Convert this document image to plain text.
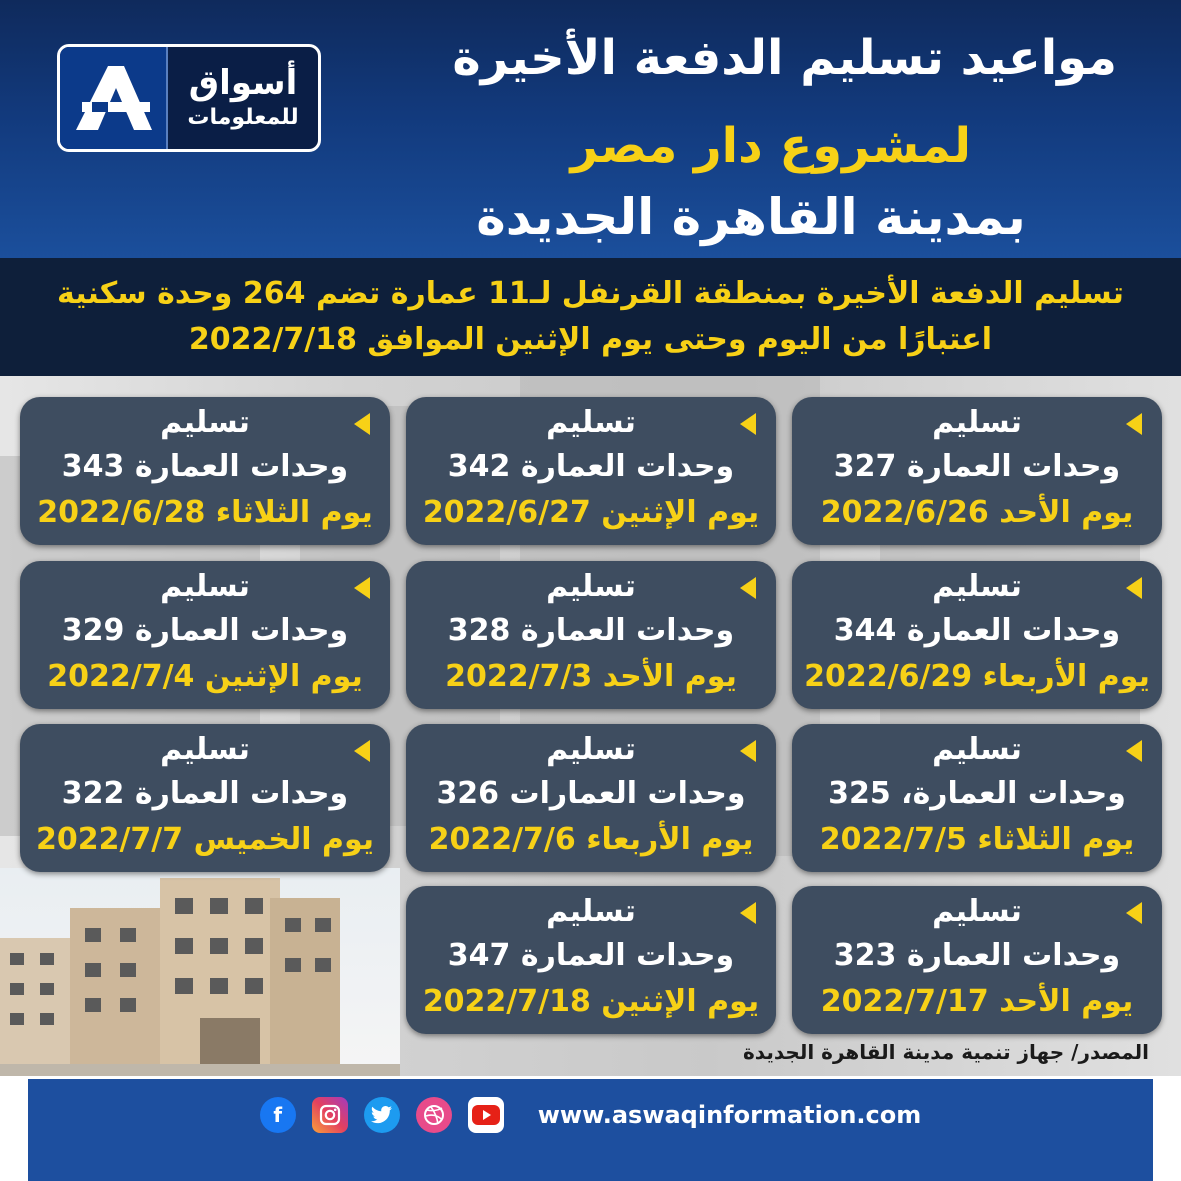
أسواق
للمعلومات
مواعيد تسليم الدفعة الأخيرة
لمشروع دار مصر
بمدينة القاهرة الجديدة
تسليم الدفعة الأخيرة بمنطقة القرنفل لـ11 عمارة تضم 264 وحدة سكنية
اعتبارًا من اليوم وحتى يوم الإثنين الموافق 2022/7/18
تسليم
وحدات العمارة 327
يوم الأحد 2022/6/26
تسليم
وحدات العمارة 342
يوم الإثنين 2022/6/27
تسليم
وحدات العمارة 343
يوم الثلاثاء 2022/6/28
تسليم
وحدات العمارة 344
يوم الأربعاء 2022/6/29
تسليم
وحدات العمارة 328
يوم الأحد 2022/7/3
تسليم
وحدات العمارة 329
يوم الإثنين 2022/7/4
تسليم
وحدات العمارة، 325
يوم الثلاثاء 2022/7/5
تسليم
وحدات العمارات 326
يوم الأربعاء 2022/7/6
تسليم
وحدات العمارة 322
يوم الخميس 2022/7/7
تسليم
وحدات العمارة 323
يوم الأحد 2022/7/17
تسليم
وحدات العمارة 347
يوم الإثنين 2022/7/18
المصدر/ جهاز تنمية مدينة القاهرة الجديدة
f	www.aswaqinformation.com
